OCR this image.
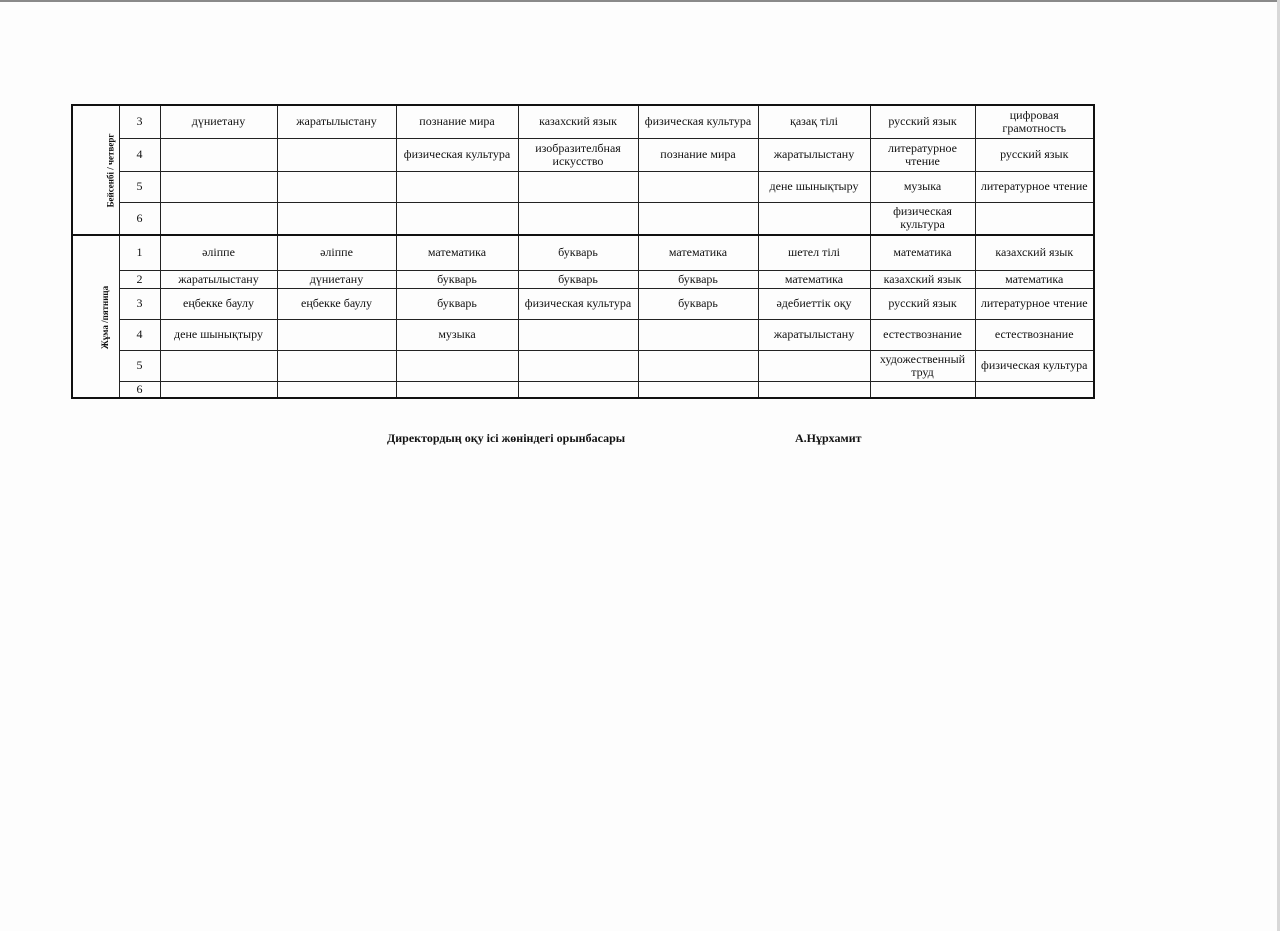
Бейсенбі / четверг	3	дүниетану	жаратылыстану	познание мира	казахский язык	физическая культура	қазақ тілі	русский язык	цифровая грамотность
	4			физическая культура	изобразителбная искусство	познание мира	жаратылыстану	литературное чтение	русский язык
	5						дене шынықтыру	музыка	литературное чтение
	6							физическая культура	
Жұма /пятница	1	әліппе	әліппе	математика	букварь	математика	шетел тілі	математика	казахский язык
	2	жаратылыстану	дүниетану	букварь	букварь	букварь	математика	казахский язык	математика
	3	еңбекке баулу	еңбекке баулу	букварь	физическая культура	букварь	әдебиеттік оқу	русский язык	литературное чтение
	4	дене шынықтыру		музыка			жаратылыстану	естествознание	естествознание
	5							художественный труд	физическая культура
	6								
Директордың оқу ісі жөніндегі орынбасары	А.Нұрхамит
